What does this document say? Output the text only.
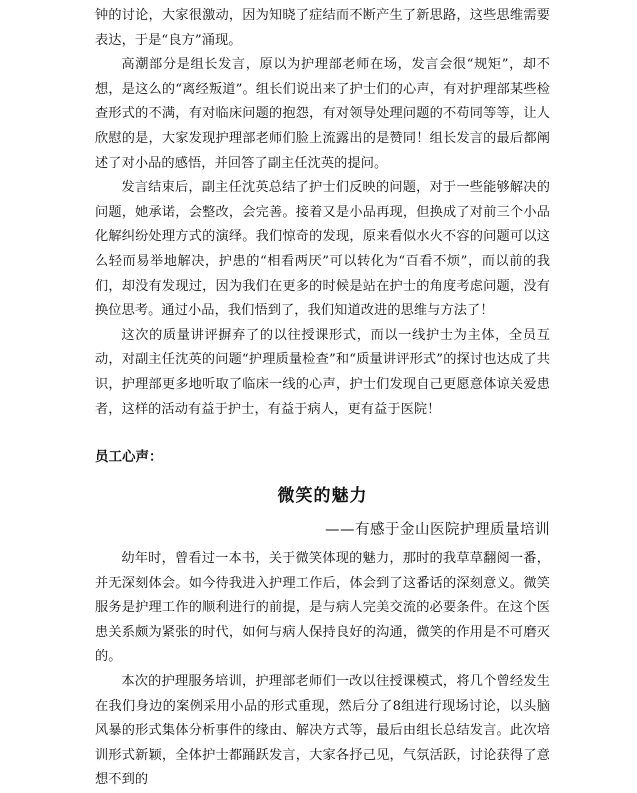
钟的讨论，大家很激动，因为知晓了症结而不断产生了新思路，这些思维需要表达，于是“良方”涌现。

高潮部分是组长发言，原以为护理部老师在场，发言会很“规矩”，却不想，是这么的“离经叛道”。组长们说出来了护士们的心声，有对护理部某些检查形式的不满，有对临床问题的抱怨，有对领导处理问题的不苟同等等，让人欣慰的是，大家发现护理部老师们脸上流露出的是赞同！组长发言的最后都阐述了对小品的感悟，并回答了副主任沈英的提问。

发言结束后，副主任沈英总结了护士们反映的问题，对于一些能够解决的问题，她承诺，会整改，会完善。接着又是小品再现，但换成了对前三个小品化解纠纷处理方式的演绎。我们惊奇的发现，原来看似水火不容的问题可以这么轻而易举地解决，护患的“相看两厌”可以转化为“百看不烦”，而以前的我们，却没有发现过，因为我们在更多的时候是站在护士的角度考虑问题，没有换位思考。通过小品，我们悟到了，我们知道改进的思维与方法了！

这次的质量讲评摒弃了的以往授课形式，而以一线护士为主体，全员互动，对副主任沈英的问题“护理质量检查”和“质量讲评形式”的探讨也达成了共识，护理部更多地听取了临床一线的心声，护士们发现自己更愿意体谅关爱患者，这样的活动有益于护士，有益于病人，更有益于医院！

员工心声：
微笑的魅力
——有感于金山医院护理质量培训

幼年时，曾看过一本书，关于微笑体现的魅力，那时的我草草翻阅一番，并无深刻体会。如今待我进入护理工作后，体会到了这番话的深刻意义。微笑服务是护理工作的顺利进行的前提，是与病人完美交流的必要条件。在这个医患关系颇为紧张的时代，如何与病人保持良好的沟通，微笑的作用是不可磨灭的。

本次的护理服务培训，护理部老师们一改以往授课模式，将几个曾经发生在我们身边的案例采用小品的形式重现，然后分了8组进行现场讨论，以头脑风暴的形式集体分析事件的缘由、解决方式等，最后由组长总结发言。此次培训形式新颖，全体护士都踊跃发言，大家各抒己见，气氛活跃，讨论获得了意想不到的
